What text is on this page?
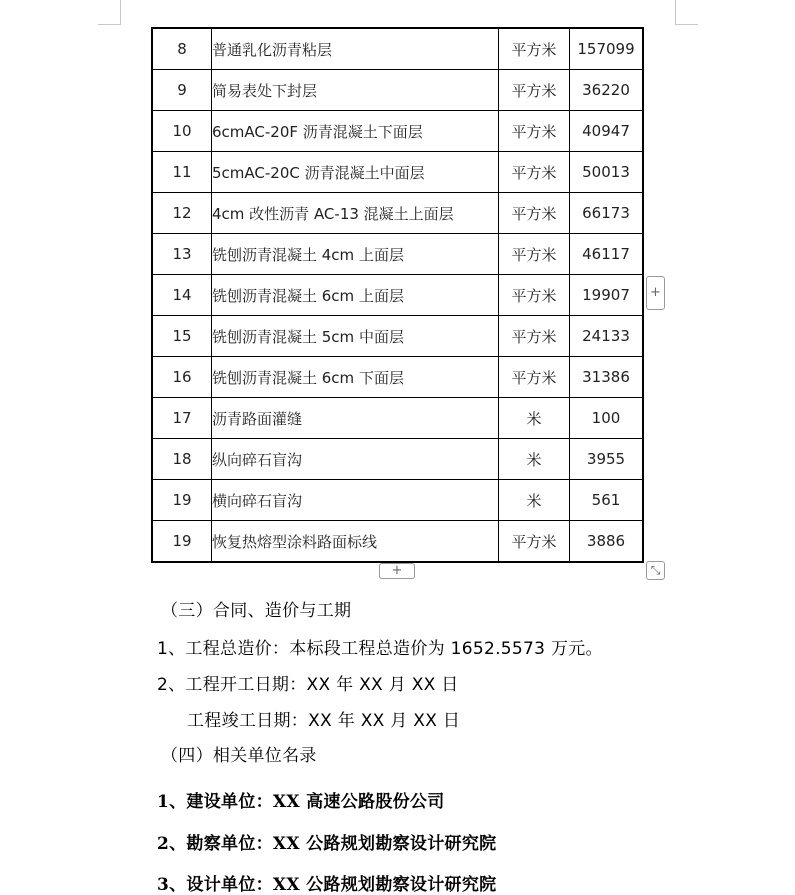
8	普通乳化沥青粘层	平方米	157099
9	简易表处下封层	平方米	36220
10	6cmAC-20F 沥青混凝土下面层	平方米	40947
11	5cmAC-20C 沥青混凝土中面层	平方米	50013
12	4cm 改性沥青 AC-13 混凝土上面层	平方米	66173
13	铣刨沥青混凝土 4cm 上面层	平方米	46117
14	铣刨沥青混凝土 6cm 上面层	平方米	19907
15	铣刨沥青混凝土 5cm 中面层	平方米	24133
16	铣刨沥青混凝土 6cm 下面层	平方米	31386
17	沥青路面灌缝	米	100
18	纵向碎石盲沟	米	3955
19	横向碎石盲沟	米	561
19	恢复热熔型涂料路面标线	平方米	3886
+
+	⤡
（三）合同、造价与工期
1、工程总造价：本标段工程总造价为 1652.5573 万元。
2、工程开工日期：XX 年 XX 月 XX 日
工程竣工日期：XX 年 XX 月 XX 日
（四）相关单位名录
1、建设单位：XX 高速公路股份公司
2、勘察单位：XX 公路规划勘察设计研究院
3、设计单位：XX 公路规划勘察设计研究院
